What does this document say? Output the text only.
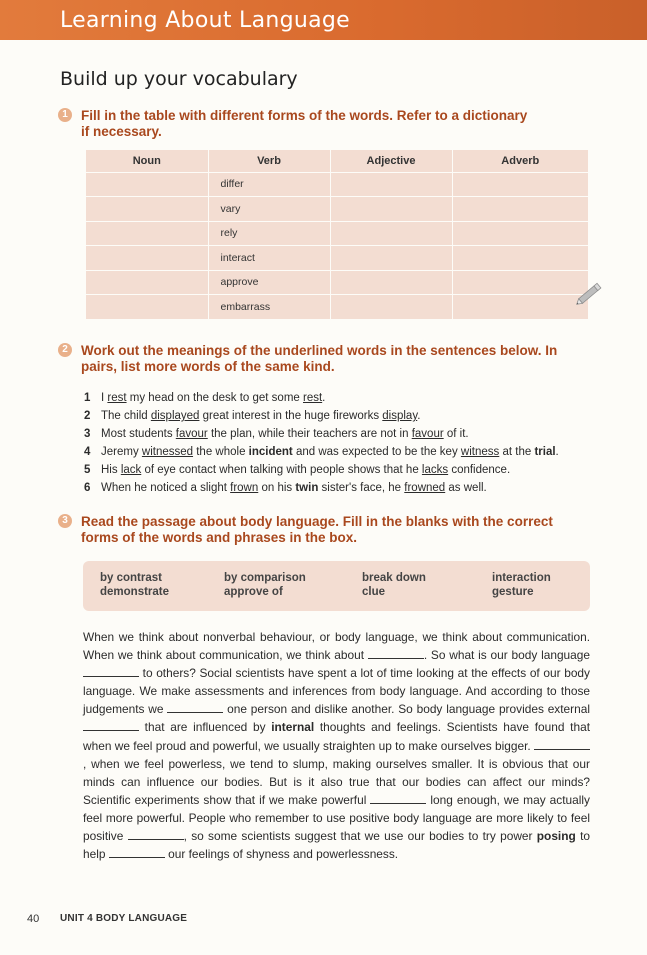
Learning About Language
Build up your vocabulary
1 Fill in the table with different forms of the words. Refer to a dictionary
if necessary.
Noun	Verb	Adjective	Adverb
	differ		
	vary		
	rely		
	interact		
	approve		
	embarrass		
2 Work out the meanings of the underlined words in the sentences below. In
pairs, list more words of the same kind.
1 I rest my head on the desk to get some rest.
2 The child displayed great interest in the huge fireworks display.
3 Most students favour the plan, while their teachers are not in favour of it.
4 Jeremy witnessed the whole incident and was expected to be the key witness at the trial.
5 His lack of eye contact when talking with people shows that he lacks confidence.
6 When he noticed a slight frown on his twin sister's face, he frowned as well.
3 Read the passage about body language. Fill in the blanks with the correct
forms of the words and phrases in the box.
by contrast
demonstrate
by comparison
approve of
break down
clue
interaction
gesture
When we think about nonverbal behaviour, or body language, we think about communication. When we think about communication, we think about	. So what is our body language  to others? Social scientists have spent a lot of time looking at the effects of our body language. We make assessments and inferences from body language. And according to those judgements we	one person and dislike another. So body language provides external  that are influenced by internal thoughts and feelings. Scientists have found that when we feel proud and powerful, we usually straighten up to make ourselves bigger. , when we feel powerless, we tend to slump, making ourselves smaller. It is obvious that our minds can influence our bodies. But is it also true that our bodies can affect our minds? Scientific experiments show that if we make powerful	long enough, we may actually feel more powerful. People who remember to use positive body language are more likely to feel positive	, so some scientists suggest that we use our bodies to try power posing to help	our feelings of shyness and powerlessness.
40 UNIT 4 BODY LANGUAGE
